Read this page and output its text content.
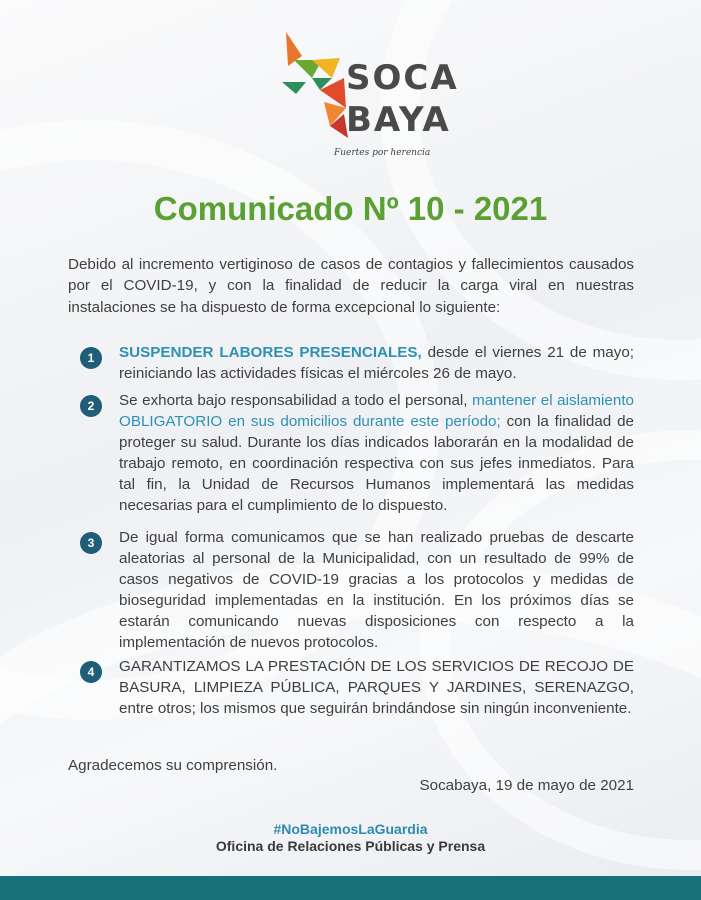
SOCA
BAYA
Fuertes por herencia
Comunicado Nº 10 - 2021

Debido al incremento vertiginoso de casos de contagios y fallecimientos causados por el COVID-19, y con la finalidad de reducir la carga viral en nuestras instalaciones se ha dispuesto de forma excepcional lo siguiente:

1	SUSPENDER LABORES PRESENCIALES, desde el viernes 21 de mayo; reiniciando las actividades físicas el miércoles 26 de mayo.

2	Se exhorta bajo responsabilidad a todo el personal, mantener el aislamiento OBLIGATORIO en sus domicilios durante este período; con la finalidad de proteger su salud. Durante los días indicados laborarán en la modalidad de trabajo remoto, en coordinación respectiva con sus jefes inmediatos. Para tal fin, la Unidad de Recursos Humanos implementará las medidas necesarias para el cumplimiento de lo dispuesto.

3	De igual forma comunicamos que se han realizado pruebas de descarte aleatorias al personal de la Municipalidad, con un resultado de 99% de casos negativos de COVID-19 gracias a los protocolos y medidas de bioseguridad implementadas en la institución. En los próximos días se estarán comunicando nuevas disposiciones con respecto a la implementación de nuevos protocolos.

4	GARANTIZAMOS LA PRESTACIÓN DE LOS SERVICIOS DE RECOJO DE BASURA, LIMPIEZA PÚBLICA, PARQUES Y JARDINES, SERENAZGO, entre otros; los mismos que seguirán brindándose sin ningún inconveniente.

Agradecemos su comprensión.
Socabaya, 19 de mayo de 2021
#NoBajemosLaGuardia
Oficina de Relaciones Públicas y Prensa
